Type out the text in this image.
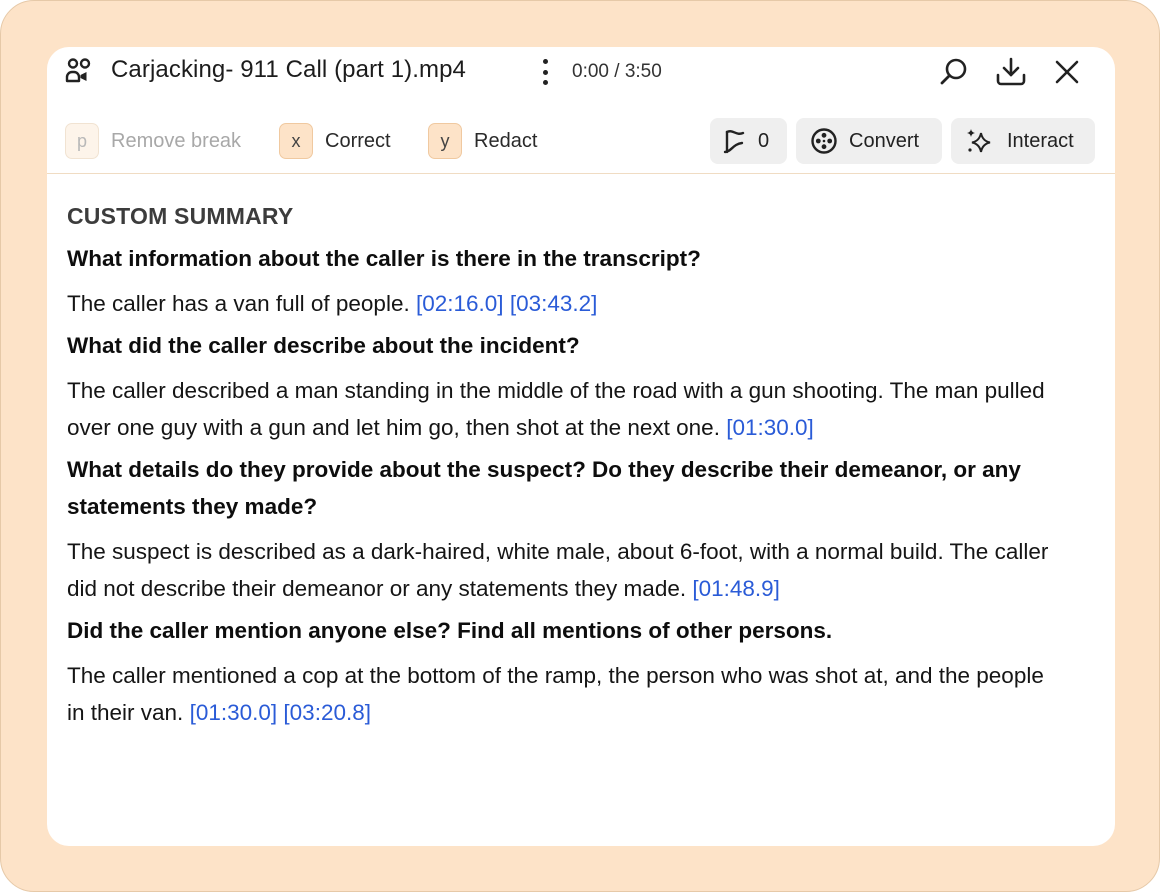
Carjacking- 911 Call (part 1).mp4	0:00 / 3:50
p	Remove break	x	Correct	y	Redact	0	Convert	Interact
CUSTOM SUMMARY
What information about the caller is there in the transcript?
The caller has a van full of people. [02:16.0] [03:43.2]
What did the caller describe about the incident?
The caller described a man standing in the middle of the road with a gun shooting. The man pulled over one guy with a gun and let him go, then shot at the next one. [01:30.0]
What details do they provide about the suspect? Do they describe their demeanor, or any statements they made?
The suspect is described as a dark-haired, white male, about 6-foot, with a normal build. The caller did not describe their demeanor or any statements they made. [01:48.9]
Did the caller mention anyone else? Find all mentions of other persons.
The caller mentioned a cop at the bottom of the ramp, the person who was shot at, and the people in their van. [01:30.0] [03:20.8]
